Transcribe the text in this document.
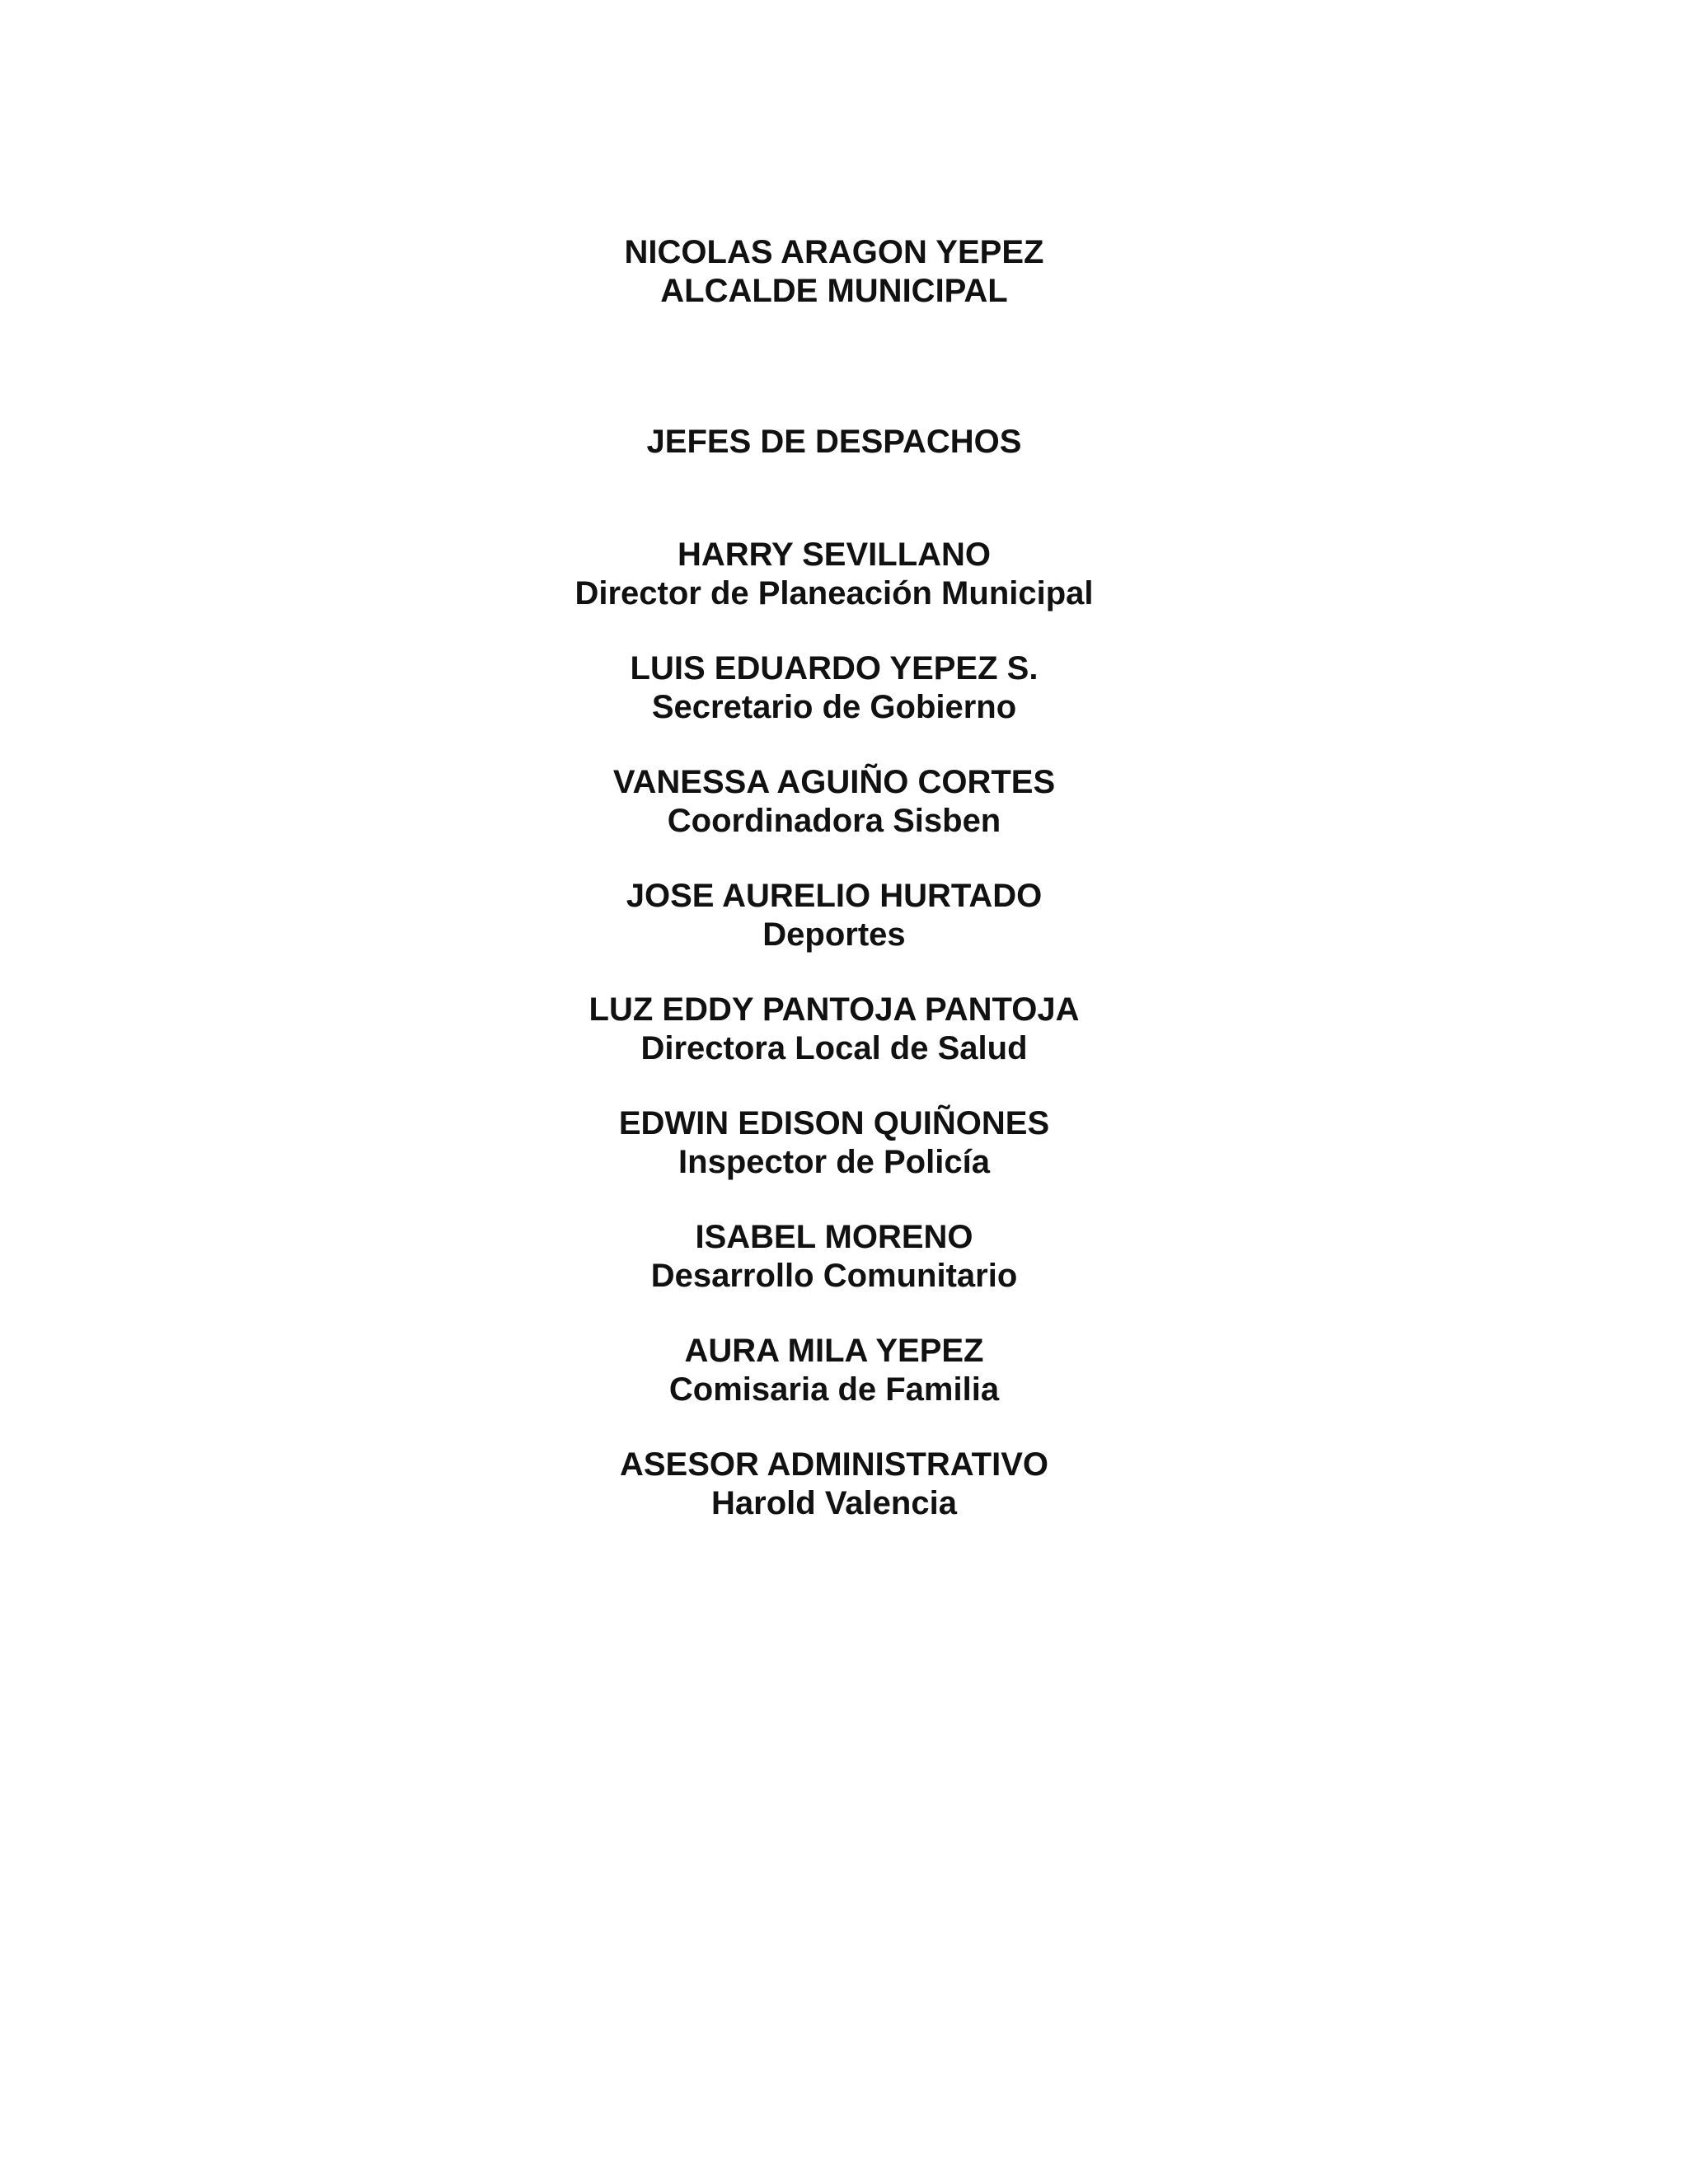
NICOLAS ARAGON YEPEZ
ALCALDE MUNICIPAL
JEFES DE DESPACHOS
HARRY SEVILLANO
Director de Planeación Municipal
LUIS EDUARDO YEPEZ S.
Secretario de Gobierno
VANESSA AGUIÑO CORTES
Coordinadora Sisben
JOSE AURELIO HURTADO
Deportes
LUZ EDDY PANTOJA PANTOJA
Directora Local de Salud
EDWIN EDISON QUIÑONES
Inspector de Policía
ISABEL MORENO
Desarrollo Comunitario
AURA MILA YEPEZ
Comisaria de Familia
ASESOR ADMINISTRATIVO
Harold Valencia
